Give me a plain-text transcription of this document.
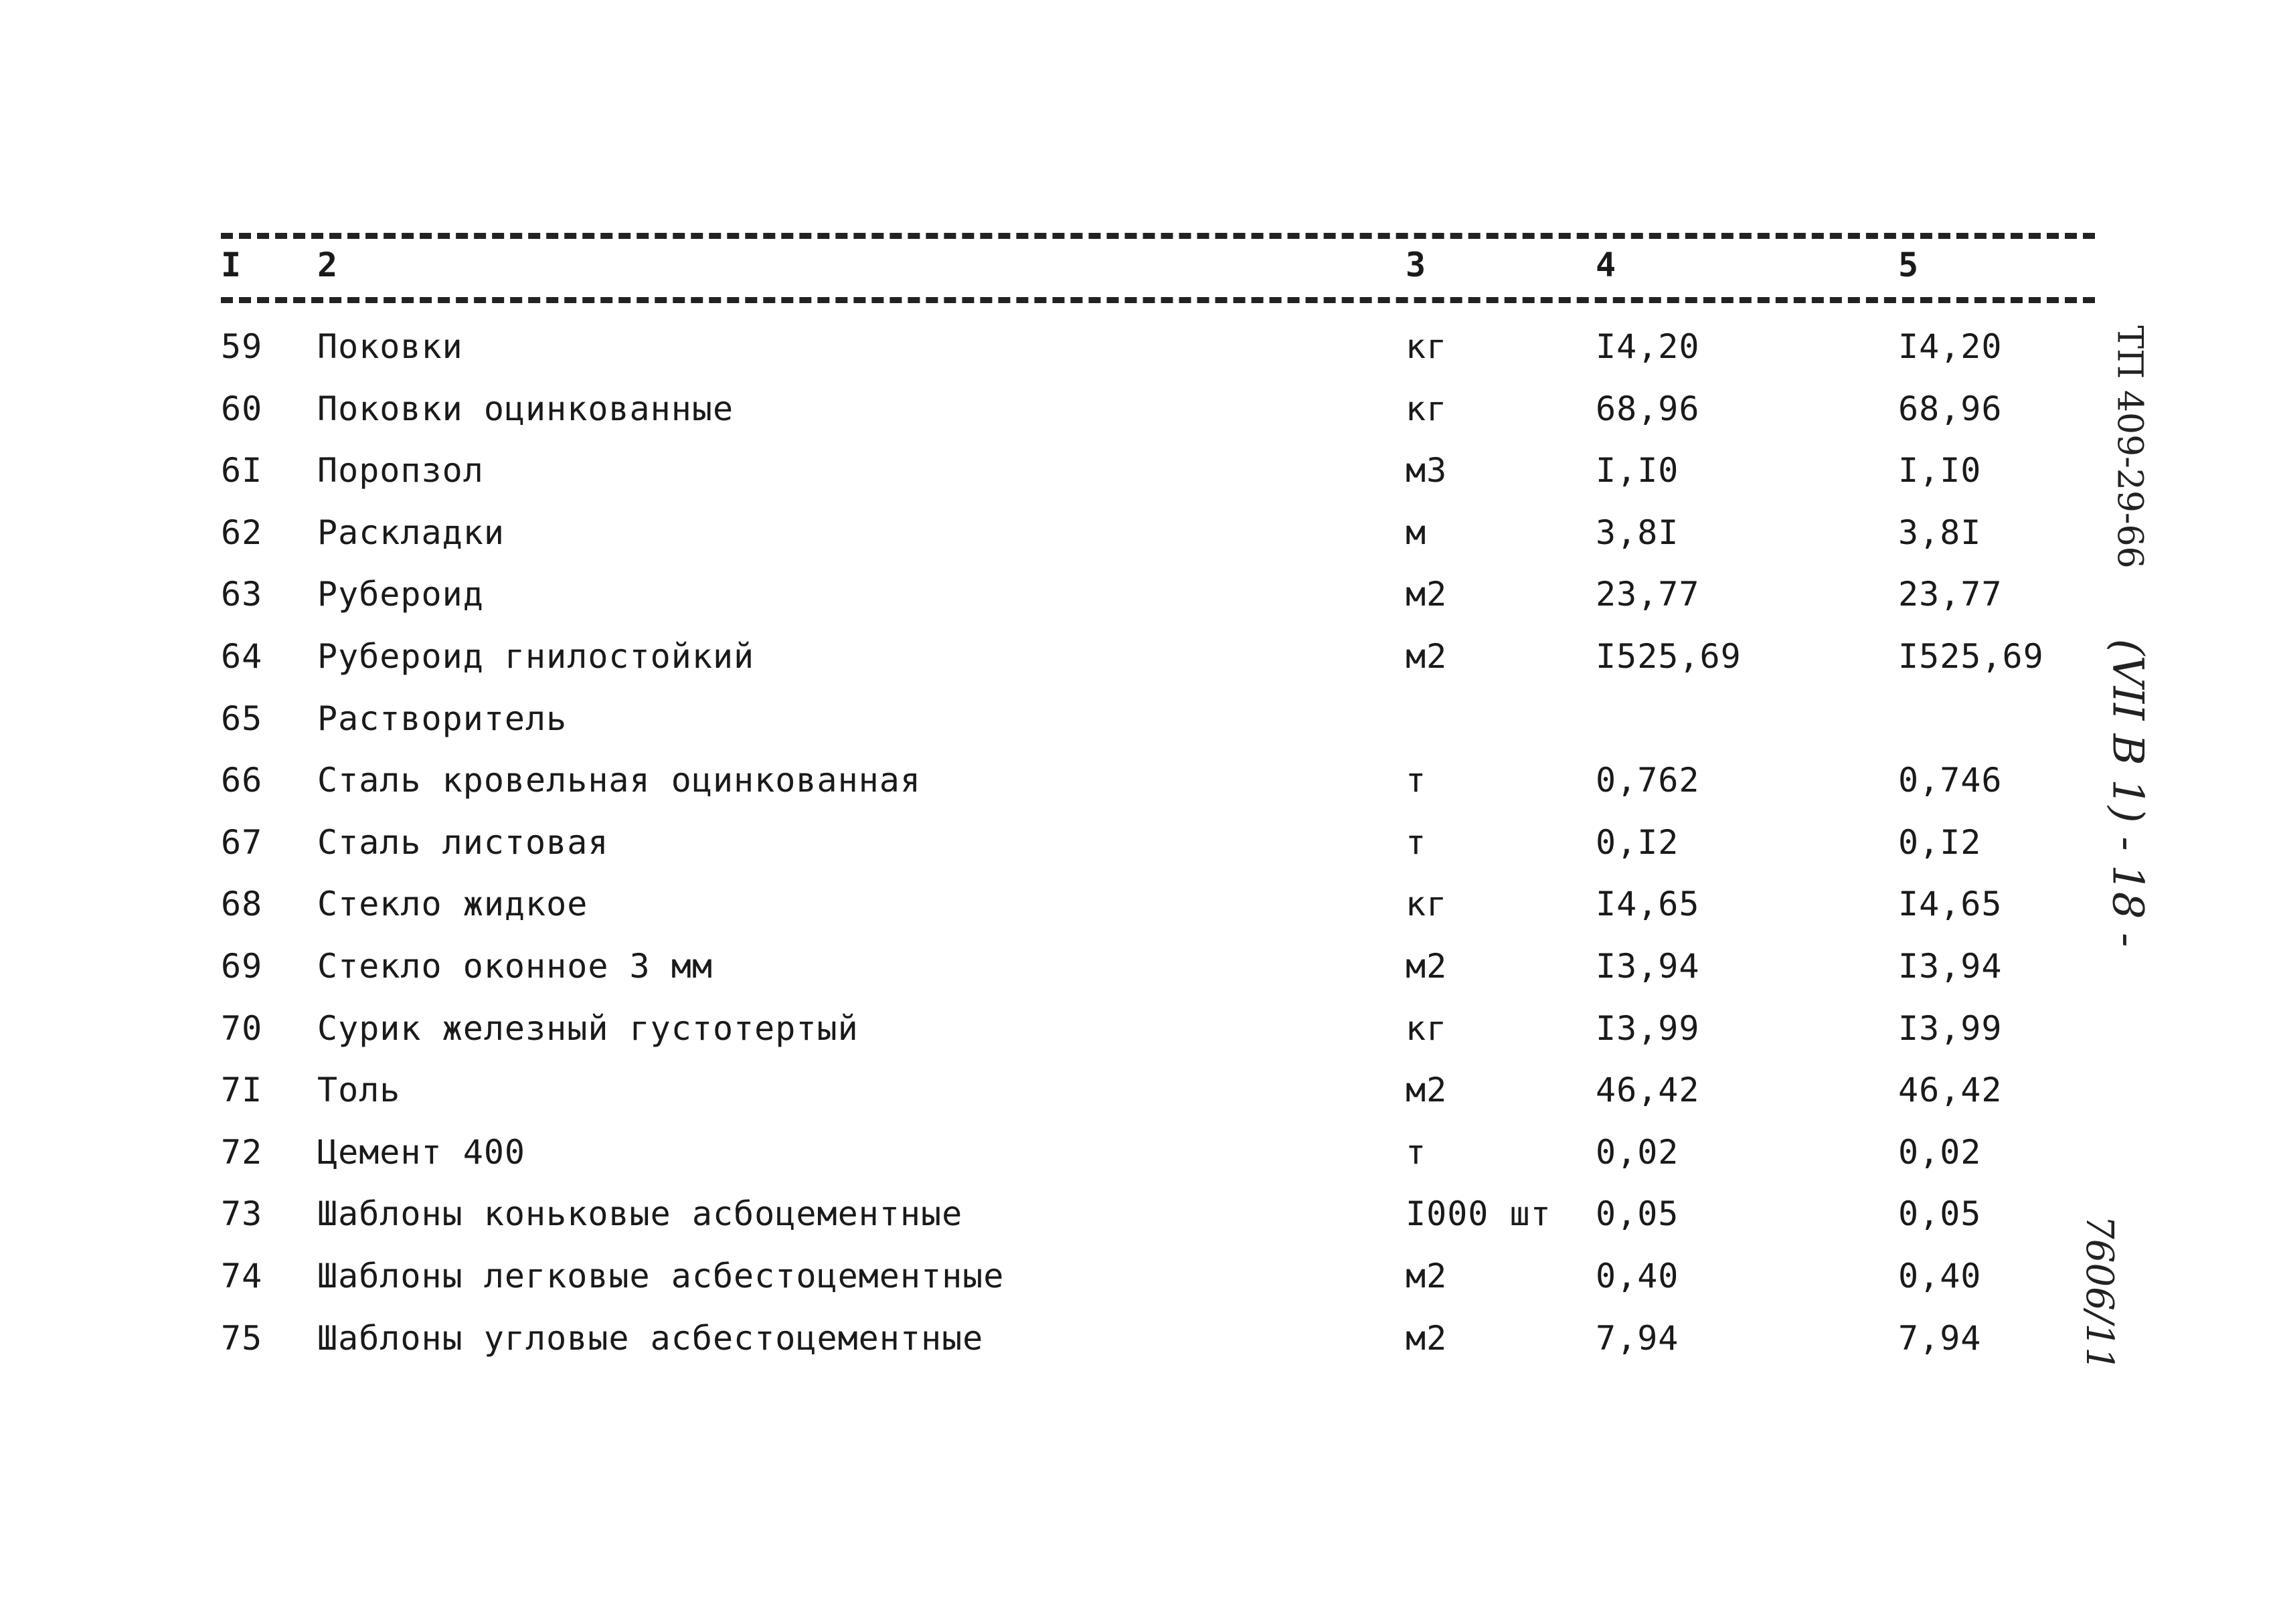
I 2	3	4	5
59 Поковки	кг	I4,20	I4,20
60 Поковки оцинкованные	кг	68,96	68,96
6I Поропзол	м3	I,I0	I,I0
62 Раскладки	м	3,8I	3,8I
63 Рубероид	м2	23,77	23,77
64 Рубероид гнилостойкий	м2	I525,69	I525,69
65 Растворитель
66 Сталь кровельная оцинкованная	т	0,762	0,746
67 Сталь листовая	т	0,I2	0,I2
68 Стекло жидкое	кг	I4,65	I4,65
69 Стекло оконное 3 мм	м2	I3,94	I3,94
70 Сурик железный густотертый	кг	I3,99	I3,99
7I Толь	м2	46,42	46,42
72 Цемент 400	т	0,02	0,02
73 Шаблоны коньковые асбоцементные	I000 шт 0,05	0,05
74 Шаблоны легковые асбестоцементные	м2	0,40	0,40
75 Шаблоны угловые асбестоцементные	м2	7,94	7,94
ТП 409-29-66
(VII B 1) - 18 -
7606/11
